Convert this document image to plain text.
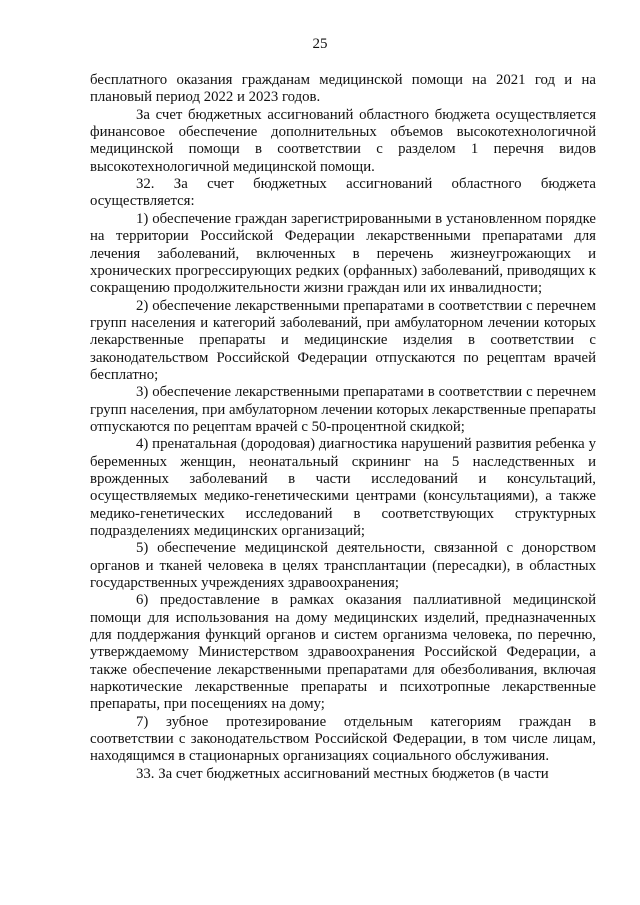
25

бесплатного оказания гражданам медицинской помощи на 2021 год и на плановый период 2022 и 2023 годов.

За счет бюджетных ассигнований областного бюджета осуществляется финансовое обеспечение дополнительных объемов высокотехнологичной медицинской помощи в соответствии с разделом 1 перечня видов высокотехнологичной медицинской помощи.

32. За счет бюджетных ассигнований областного бюджета осуществляется:

1) обеспечение граждан зарегистрированными в установленном порядке на территории Российской Федерации лекарственными препаратами для лечения заболеваний, включенных в перечень жизнеугрожающих и хронических прогрессирующих редких (орфанных) заболеваний, приводящих к сокращению продолжительности жизни граждан или их инвалидности;

2) обеспечение лекарственными препаратами в соответствии с перечнем групп населения и категорий заболеваний, при амбулаторном лечении которых лекарственные препараты и медицинские изделия в соответствии с законодательством Российской Федерации отпускаются по рецептам врачей бесплатно;

3) обеспечение лекарственными препаратами в соответствии с перечнем групп населения, при амбулаторном лечении которых лекарственные препараты отпускаются по рецептам врачей с 50-процентной скидкой;

4) пренатальная (дородовая) диагностика нарушений развития ребенка у беременных женщин, неонатальный скрининг на 5 наследственных и врожденных заболеваний в части исследований и консультаций, осуществляемых медико-генетическими центрами (консультациями), а также медико-генетических исследований в соответствующих структурных подразделениях медицинских организаций;

5) обеспечение медицинской деятельности, связанной с донорством органов и тканей человека в целях трансплантации (пересадки), в областных государственных учреждениях здравоохранения;

6) предоставление в рамках оказания паллиативной медицинской помощи для использования на дому медицинских изделий, предназначенных для поддержания функций органов и систем организма человека, по перечню, утверждаемому Министерством здравоохранения Российской Федерации, а также обеспечение лекарственными препаратами для обезболивания, включая наркотические лекарственные препараты и психотропные лекарственные препараты, при посещениях на дому;

7) зубное протезирование отдельным категориям граждан в соответствии с законодательством Российской Федерации, в том числе лицам, находящимся в стационарных организациях социального обслуживания.

33. За счет бюджетных ассигнований местных бюджетов (в части
